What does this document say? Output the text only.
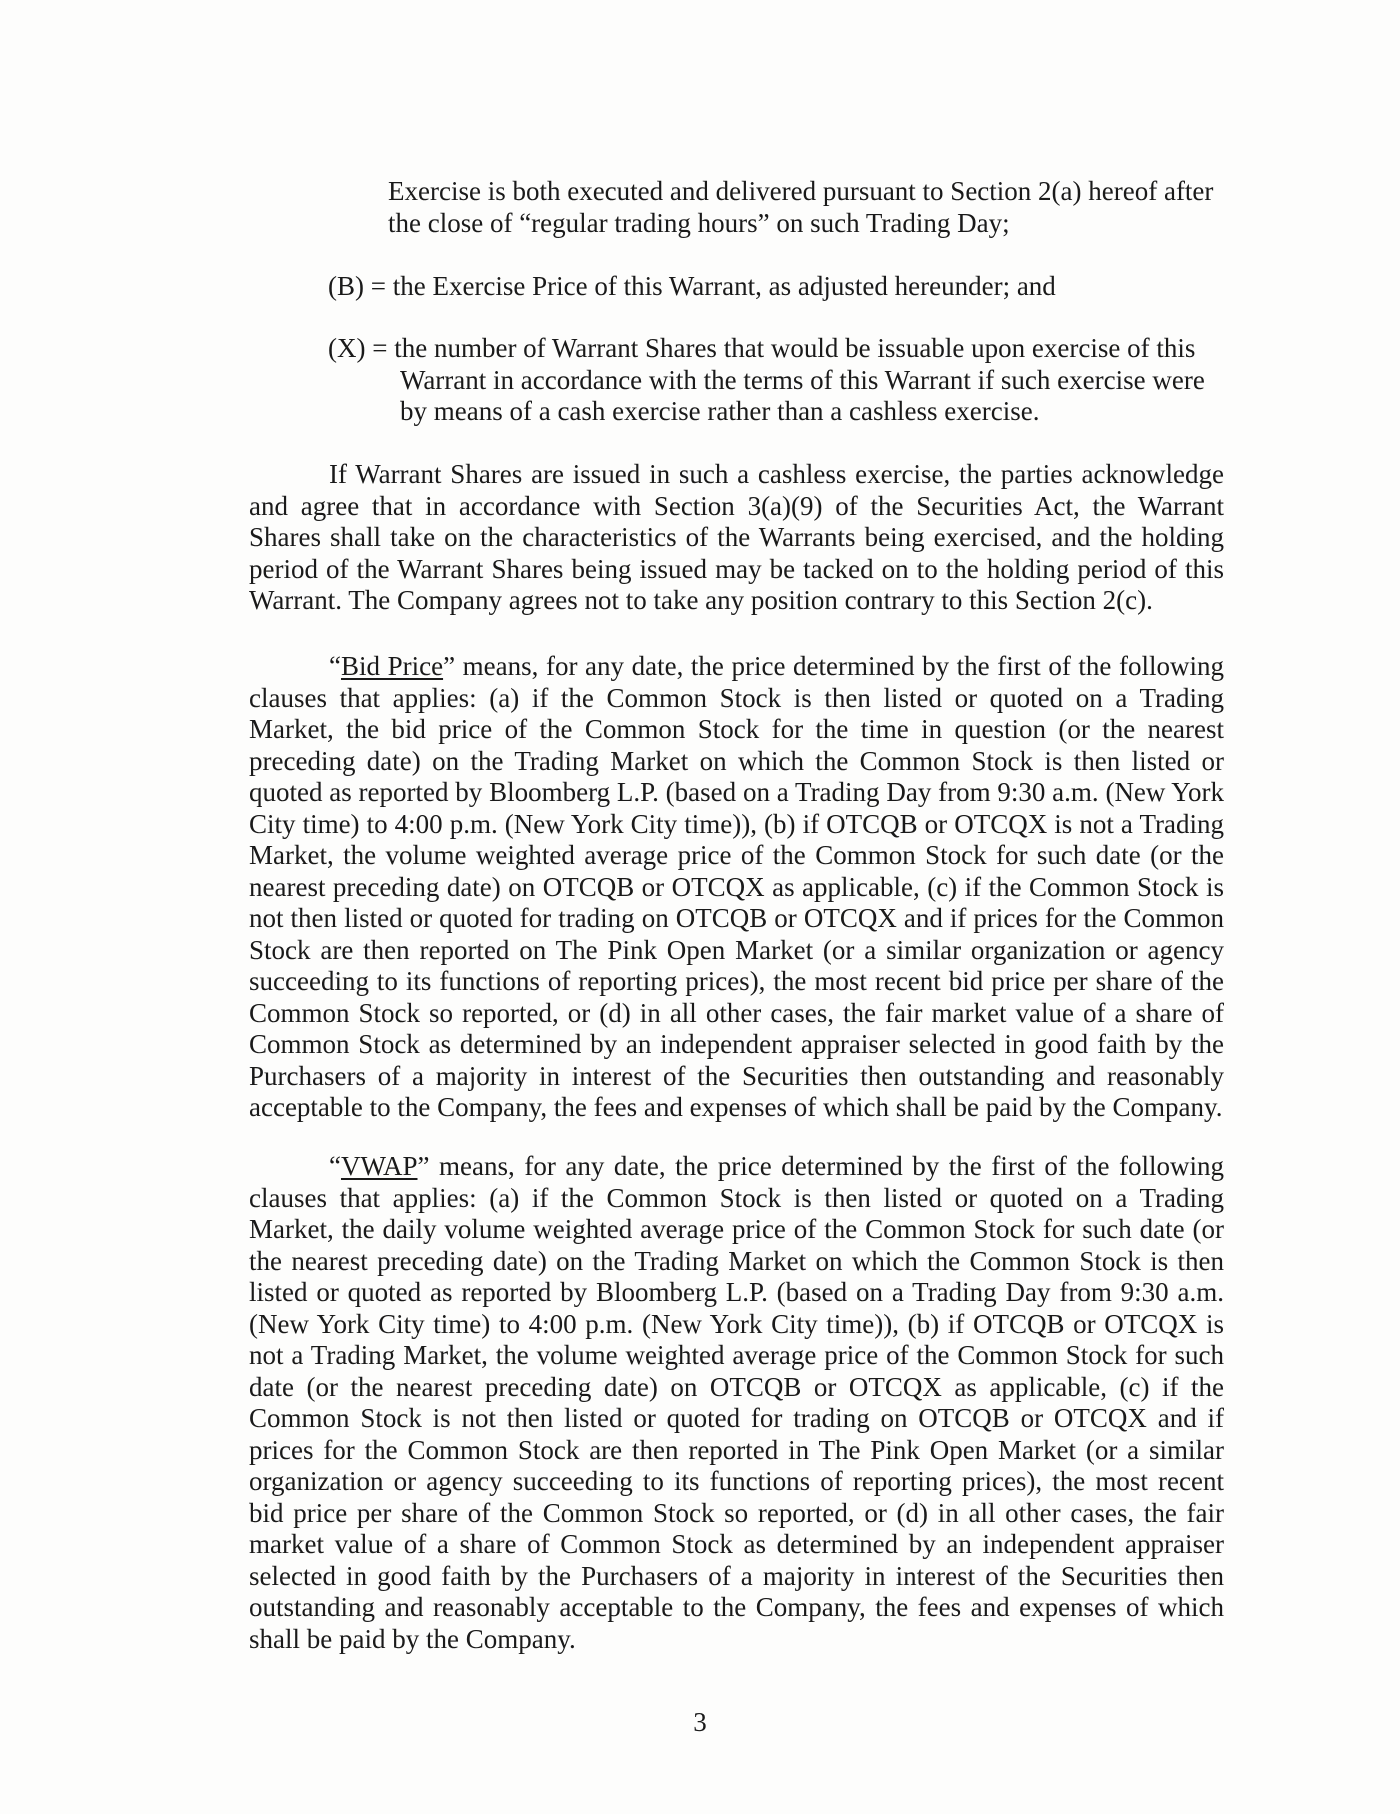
Exercise is both executed and delivered pursuant to Section 2(a) hereof after the close of “regular trading hours” on such Trading Day;
(B) = the Exercise Price of this Warrant, as adjusted hereunder; and
(X) = the number of Warrant Shares that would be issuable upon exercise of this
Warrant in accordance with the terms of this Warrant if such exercise were by means of a cash exercise rather than a cashless exercise.

If Warrant Shares are issued in such a cashless exercise, the parties acknowledge and agree that in accordance with Section 3(a)(9) of the Securities Act, the Warrant Shares shall take on the characteristics of the Warrants being exercised, and the holding period of the Warrant Shares being issued may be tacked on to the holding period of this Warrant. The Company agrees not to take any position contrary to this Section 2(c).

“Bid Price” means, for any date, the price determined by the first of the following clauses that applies: (a) if the Common Stock is then listed or quoted on a Trading Market, the bid price of the Common Stock for the time in question (or the nearest preceding date) on the Trading Market on which the Common Stock is then listed or quoted as reported by Bloomberg L.P. (based on a Trading Day from 9:30 a.m. (New York City time) to 4:00 p.m. (New York City time)), (b) if OTCQB or OTCQX is not a Trading Market, the volume weighted average price of the Common Stock for such date (or the nearest preceding date) on OTCQB or OTCQX as applicable, (c) if the Common Stock is not then listed or quoted for trading on OTCQB or OTCQX and if prices for the Common Stock are then reported on The Pink Open Market (or a similar organization or agency succeeding to its functions of reporting prices), the most recent bid price per share of the Common Stock so reported, or (d) in all other cases, the fair market value of a share of Common Stock as determined by an independent appraiser selected in good faith by the Purchasers of a majority in interest of the Securities then outstanding and reasonably acceptable to the Company, the fees and expenses of which shall be paid by the Company.

“VWAP” means, for any date, the price determined by the first of the following clauses that applies: (a) if the Common Stock is then listed or quoted on a Trading Market, the daily volume weighted average price of the Common Stock for such date (or the nearest preceding date) on the Trading Market on which the Common Stock is then listed or quoted as reported by Bloomberg L.P. (based on a Trading Day from 9:30 a.m. (New York City time) to 4:00 p.m. (New York City time)), (b) if OTCQB or OTCQX is not a Trading Market, the volume weighted average price of the Common Stock for such date (or the nearest preceding date) on OTCQB or OTCQX as applicable, (c) if the Common Stock is not then listed or quoted for trading on OTCQB or OTCQX and if prices for the Common Stock are then reported in The Pink Open Market (or a similar organization or agency succeeding to its functions of reporting prices), the most recent bid price per share of the Common Stock so reported, or (d) in all other cases, the fair market value of a share of Common Stock as determined by an independent appraiser selected in good faith by the Purchasers of a majority in interest of the Securities then outstanding and reasonably acceptable to the Company, the fees and expenses of which shall be paid by the Company.

3
